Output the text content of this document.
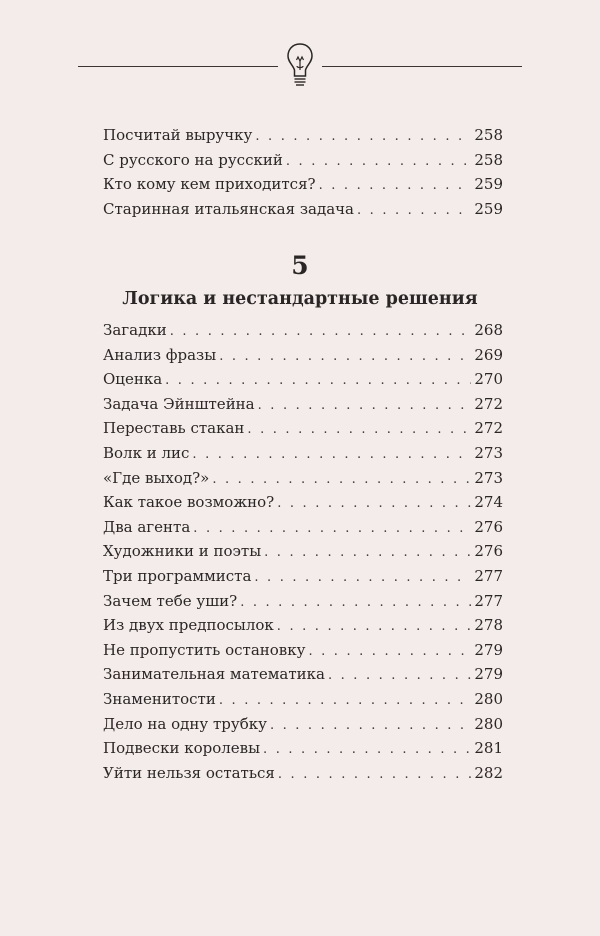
Посчитай выручку . . .	258
С русского на русский . . .	258
Кто кому кем приходится? . . .	259
Старинная итальянская задача . . .	259
5
Логика и нестандартные решения
Загадки . . .	268
Анализ фразы . . .	269
Оценка . . .	270
Задача Эйнштейна . . .	272
Переставь стакан . . .	272
Волк и лис . . .	273
«Где выход?» . . .	273
Как такое возможно? . . .	274
Два агента . . .	276
Художники и поэты . . .	276
Три программиста . . .	277
Зачем тебе уши? . . .	277
Из двух предпосылок . . .	278
Не пропустить остановку . . .	279
Занимательная математика . . .	279
Знаменитости . . .	280
Дело на одну трубку . . .	280
Подвески королевы . . .	281
Уйти нельзя остаться . . .	282
